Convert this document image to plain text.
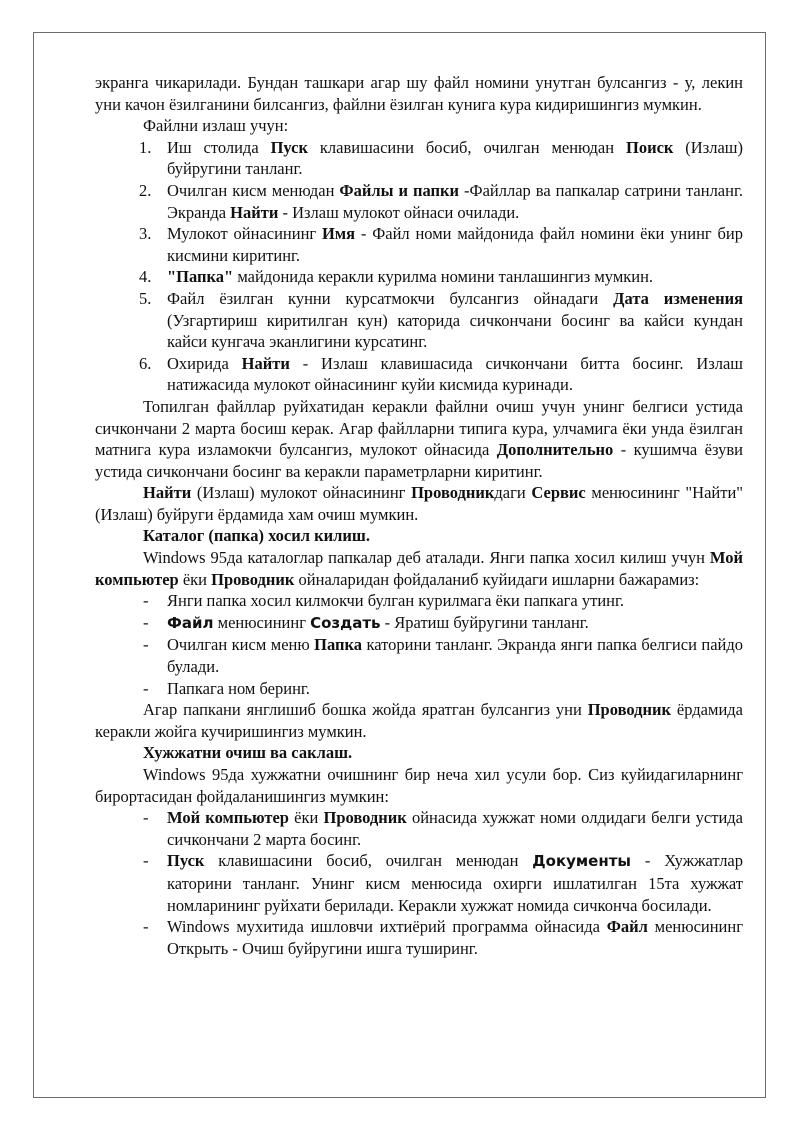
экранга чикарилади. Бундан ташкари агар шу файл номини унутган булсангиз - у, лекин уни качон ёзилганини билсангиз, файлни ёзилган кунига кура кидиришингиз мумкин.

Файлни излаш учун:

1. Иш столида Пуск клавишасини босиб, очилган менюдан Поиск (Излаш) буйругини танланг.
2. Очилган кисм менюдан Файлы и папки -Файллар ва папкалар сатрини танланг. Экранда Найти - Излаш мулокот ойнаси очилади.
3. Мулокот ойнасининг Имя - Файл номи майдонида файл номини ёки унинг бир кисмини киритинг.
4. "Папка" майдонида керакли курилма номини танлашингиз мумкин.
5. Файл ёзилган кунни курсатмокчи булсангиз ойнадаги Дата изменения (Узгартириш киритилган кун) каторида сичкончани босинг ва кайси кундан кайси кунгача эканлигини курсатинг.
6. Охирида Найти - Излаш клавишасида сичкончани битта босинг. Излаш натижасида мулокот ойнасининг куйи кисмида куринади.

Топилган файллар руйхатидан керакли файлни очиш учун унинг белгиси устида сичкончани 2 марта босиш керак. Агар файлларни типига кура, улчамига ёки унда ёзилган матнига кура изламокчи булсангиз, мулокот ойнасида Дополнительно - кушимча ёзуви устида сичкончани босинг ва керакли параметрларни киритинг.

Найти (Излаш) мулокот ойнасининг Проводникдаги Сервис менюсининг "Найти" (Излаш) буйруги ёрдамида хам очиш мумкин.

Каталог (папка) хосил килиш.

Windows 95да каталоглар папкалар деб аталади. Янги папка хосил килиш учун Мой компьютер ёки Проводник ойналаридан фойдаланиб куйидаги ишларни бажарамиз:

- Янги папка хосил килмокчи булган курилмага ёки папкага утинг.
- Файл менюсининг Создать - Яратиш буйругини танланг.
- Очилган кисм меню Папка каторини танланг. Экранда янги папка белгиси пайдо булади.
- Папкага ном беринг.

Агар папкани янглишиб бошка жойда яратган булсангиз уни Проводник ёрдамида керакли жойга кучиришингиз мумкин.

Хужжатни очиш ва саклаш.

Windows 95да хужжатни очишнинг бир неча хил усули бор. Сиз куйидагиларнинг бирортасидан фойдаланишингиз мумкин:

- Мой компьютер ёки Проводник ойнасида хужжат номи олдидаги белги устида сичкончани 2 марта босинг.
- Пуск клавишасини босиб, очилган менюдан Документы - Хужжатлар каторини танланг. Унинг кисм менюсида охирги ишлатилган 15та хужжат номларининг руйхати берилади. Керакли хужжат номида сичконча босилади.
- Windows мухитида ишловчи ихтиёрий программа ойнасида Файл менюсининг Открыть - Очиш буйругини ишга туширинг.
